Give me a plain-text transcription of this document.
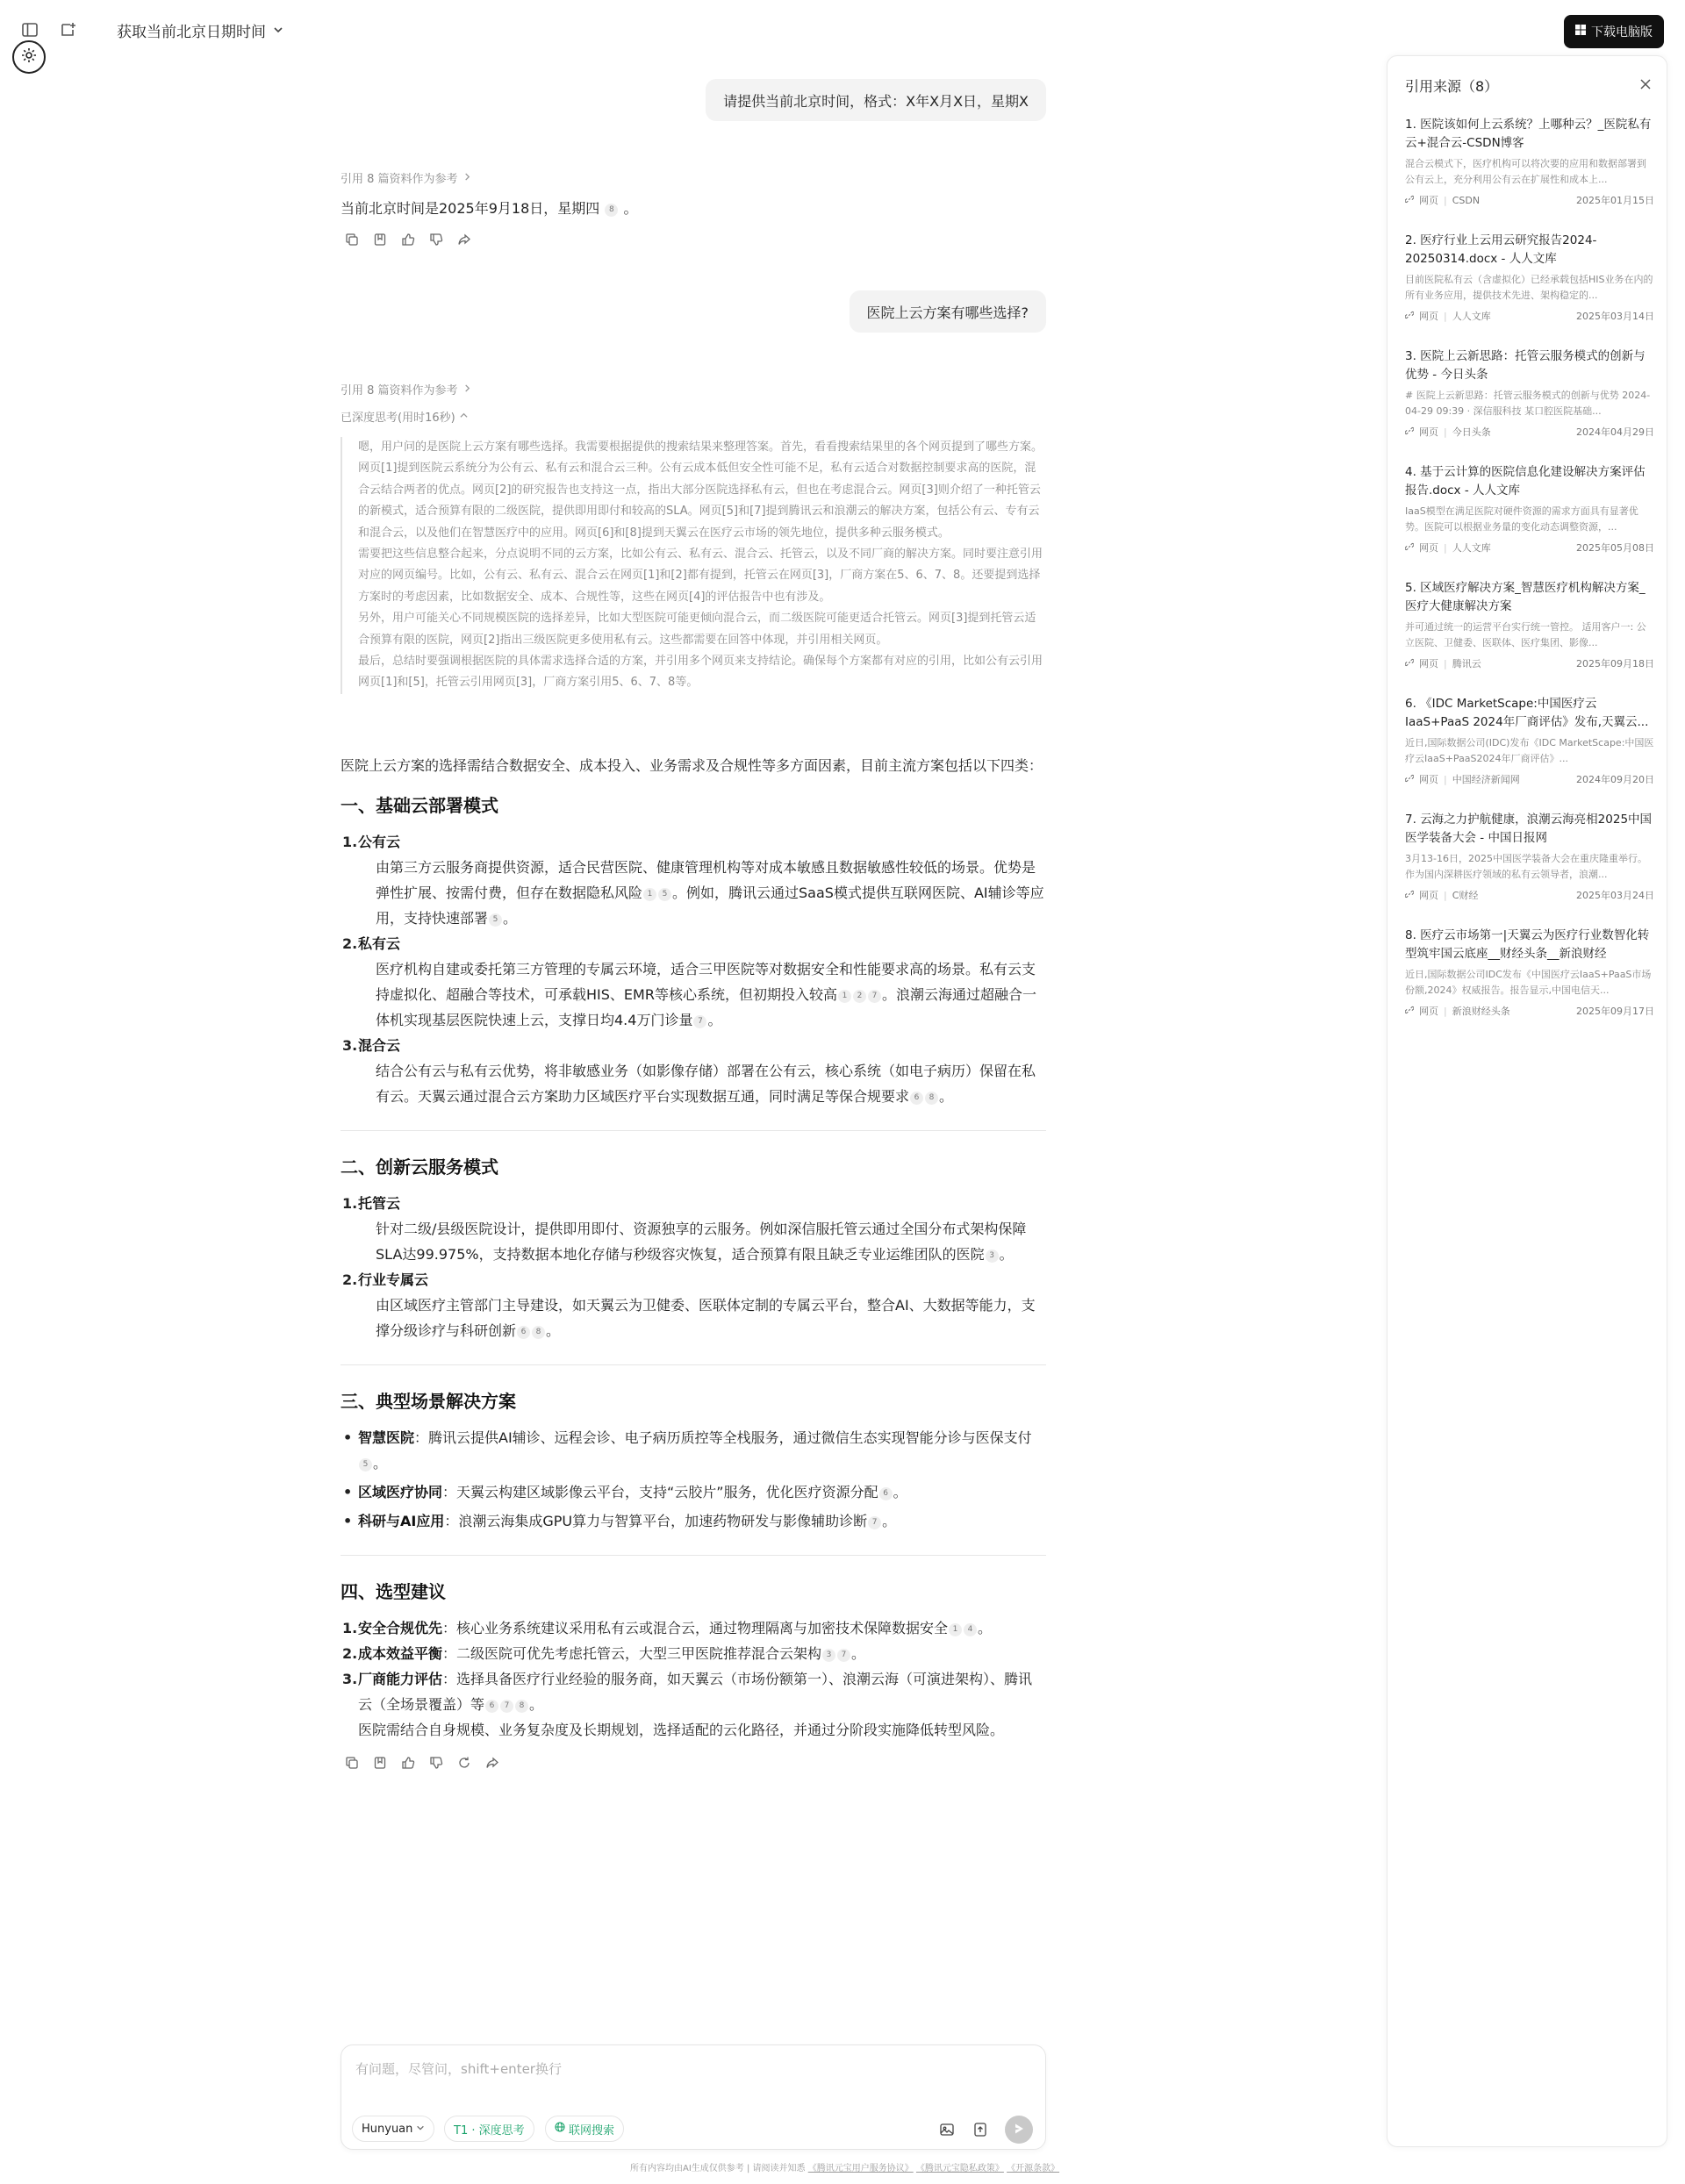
获取当前北京日期时间	下载电脑版
请提供当前北京时间，格式：X年X月X日，星期X
引用 8 篇资料作为参考
当前北京时间是2025年9月18日，星期四 8 。
医院上云方案有哪些选择?
引用 8 篇资料作为参考
已深度思考(用时16秒)

嗯，用户问的是医院上云方案有哪些选择。我需要根据提供的搜索结果来整理答案。首先，看看搜索结果里的各个网页提到了哪些方案。

网页[1]提到医院云系统分为公有云、私有云和混合云三种。公有云成本低但安全性可能不足，私有云适合对数据控制要求高的医院，混合云结合两者的优点。网页[2]的研究报告也支持这一点，指出大部分医院选择私有云，但也在考虑混合云。网页[3]则介绍了一种托管云的新模式，适合预算有限的二级医院，提供即用即付和较高的SLA。网页[5]和[7]提到腾讯云和浪潮云的解决方案，包括公有云、专有云和混合云，以及他们在智慧医疗中的应用。网页[6]和[8]提到天翼云在医疗云市场的领先地位，提供多种云服务模式。

需要把这些信息整合起来，分点说明不同的云方案，比如公有云、私有云、混合云、托管云，以及不同厂商的解决方案。同时要注意引用对应的网页编号。比如，公有云、私有云、混合云在网页[1]和[2]都有提到，托管云在网页[3]，厂商方案在5、6、7、8。还要提到选择方案时的考虑因素，比如数据安全、成本、合规性等，这些在网页[4]的评估报告中也有涉及。

另外，用户可能关心不同规模医院的选择差异，比如大型医院可能更倾向混合云，而二级医院可能更适合托管云。网页[3]提到托管云适合预算有限的医院，网页[2]指出三级医院更多使用私有云。这些都需要在回答中体现，并引用相关网页。

最后，总结时要强调根据医院的具体需求选择合适的方案，并引用多个网页来支持结论。确保每个方案都有对应的引用，比如公有云引用网页[1]和[5]，托管云引用网页[3]，厂商方案引用5、6、7、8等。

医院上云方案的选择需结合数据安全、成本投入、业务需求及合规性等多方面因素，目前主流方案包括以下四类：
一、基础云部署模式
1. 公有云
由第三方云服务商提供资源，适合民营医院、健康管理机构等对成本敏感且数据敏感性较低的场景。优势是弹性扩展、按需付费，但存在数据隐私风险 1 5 。例如，腾讯云通过SaaS模式提供互联网医院、AI辅诊等应用，支持快速部署 5 。
2. 私有云
医疗机构自建或委托第三方管理的专属云环境，适合三甲医院等对数据安全和性能要求高的场景。私有云支持虚拟化、超融合等技术，可承载HIS、EMR等核心系统，但初期投入较高 1 2 7 。浪潮云海通过超融合一体机实现基层医院快速上云，支撑日均4.4万门诊量 7 。
3. 混合云
结合公有云与私有云优势，将非敏感业务（如影像存储）部署在公有云，核心系统（如电子病历）保留在私有云。天翼云通过混合云方案助力区域医疗平台实现数据互通，同时满足等保合规要求 6 8 。
二、创新云服务模式
1. 托管云
针对二级/县级医院设计，提供即用即付、资源独享的云服务。例如深信服托管云通过全国分布式架构保障SLA达99.975%，支持数据本地化存储与秒级容灾恢复，适合预算有限且缺乏专业运维团队的医院 3 。
2. 行业专属云
由区域医疗主管部门主导建设，如天翼云为卫健委、医联体定制的专属云平台，整合AI、大数据等能力，支撑分级诊疗与科研创新 6 8 。
三、典型场景解决方案
• 智慧医院：腾讯云提供AI辅诊、远程会诊、电子病历质控等全栈服务，通过微信生态实现智能分诊与医保支付5 。
• 区域医疗协同：天翼云构建区域影像云平台，支持“云胶片”服务，优化医疗资源分配 6 。
• 科研与AI应用：浪潮云海集成GPU算力与智算平台，加速药物研发与影像辅助诊断 7 。
四、选型建议
1. 安全合规优先：核心业务系统建议采用私有云或混合云，通过物理隔离与加密技术保障数据安全 1 4 。
2. 成本效益平衡：二级医院可优先考虑托管云，大型三甲医院推荐混合云架构 3 7 。
3. 厂商能力评估：选择具备医疗行业经验的服务商，如天翼云（市场份额第一）、浪潮云海（可演进架构）、腾讯云（全场景覆盖）等 6 7 8 。
医院需结合自身规模、业务复杂度及长期规划，选择适配的云化路径，并通过分阶段实施降低转型风险。
有问题，尽管问，shift+enter换行
Hunyuan	T1 · 深度思考	联网搜索
所有内容均由AI生成仅供参考 | 请阅读并知悉 《腾讯元宝用户服务协议》 《腾讯元宝隐私政策》 《开源条款》
引用来源（8）
1. 医院该如何上云系统？上哪种云？_医院私有云+混合云-CSDN博客
混合云模式下，医疗机构可以将次要的应用和数据部署到公有云上，充分利用公有云在扩展性和成本上...
网页 | CSDN	2025年01月15日
2. 医疗行业上云用云研究报告2024-20250314.docx - 人人文库
目前医院私有云（含虚拟化）已经承载包括HIS业务在内的所有业务应用，提供技术先进、架构稳定的...
网页 | 人人文库	2025年03月14日
3. 医院上云新思路：托管云服务模式的创新与优势 - 今日头条
# 医院上云新思路：托管云服务模式的创新与优势 2024-04-29 09:39 · 深信服科技 某口腔医院基础...
网页 | 今日头条	2024年04月29日
4. 基于云计算的医院信息化建设解决方案评估报告.docx - 人人文库
IaaS模型在满足医院对硬件资源的需求方面具有显著优势。医院可以根据业务量的变化动态调整资源，...
网页 | 人人文库	2025年05月08日
5. 区域医疗解决方案_智慧医疗机构解决方案_医疗大健康解决方案
并可通过统一的运营平台实行统一管控。 适用客户一: 公立医院、卫健委、医联体、医疗集团、影像...
网页 | 腾讯云	2025年09月18日
6. 《IDC MarketScape:中国医疗云IaaS+PaaS 2024年厂商评估》发布,天翼云...
近日,国际数据公司(IDC)发布《IDC MarketScape:中国医疗云IaaS+PaaS2024年厂商评估》...
网页 | 中国经济新闻网	2024年09月20日
7. 云海之力护航健康，浪潮云海亮相2025中国医学装备大会 - 中国日报网
3月13-16日，2025中国医学装备大会在重庆隆重举行。作为国内深耕医疗领域的私有云领导者，浪潮...
网页 | C财经	2025年03月24日
8. 医疗云市场第一|天翼云为医疗行业数智化转型筑牢国云底座__财经头条__新浪财经
近日,国际数据公司IDC发布《中国医疗云IaaS+PaaS市场份额,2024》权威报告。报告显示,中国电信天...
网页 | 新浪财经头条	2025年09月17日
